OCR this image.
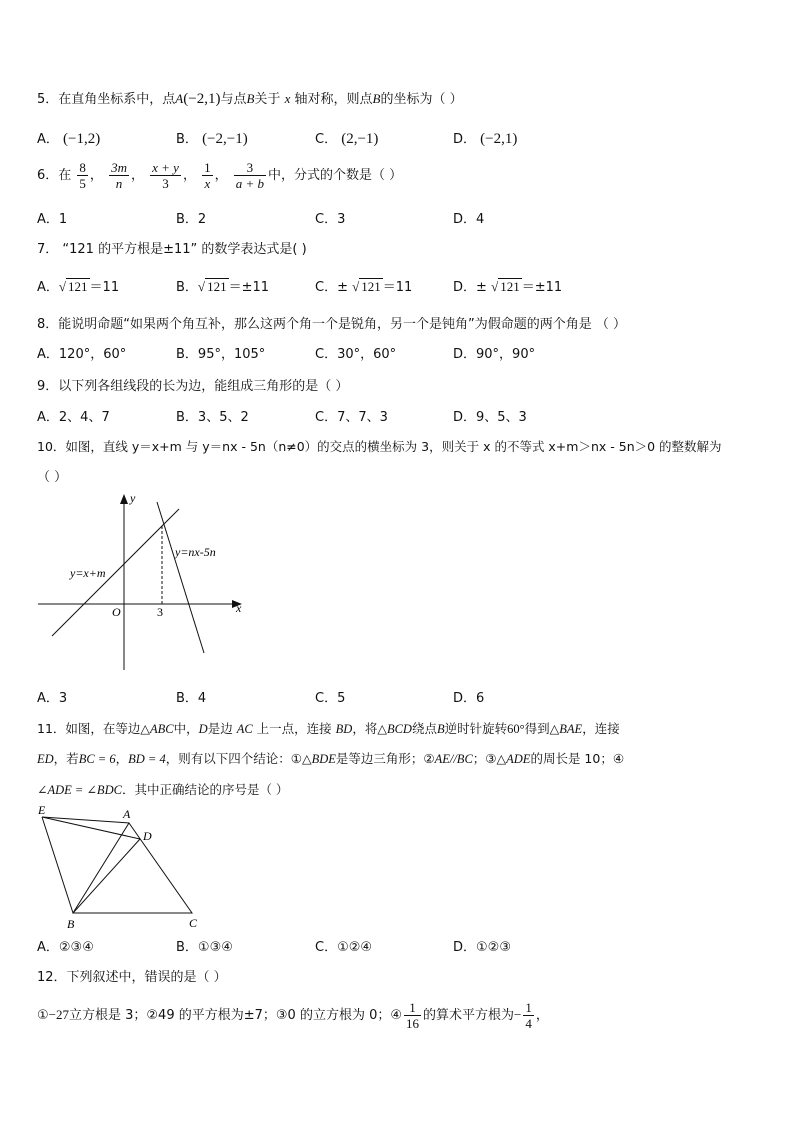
5．在直角坐标系中，点A(−2,1)与点B关于 x 轴对称，则点B的坐标为（ ）
A． (−1,2)	B． (−2,−1)	C． (2,−1)	D． (−2,1)
6．在 $\frac{8}{5}$ ， $\frac{3m}{n}$ ， $\frac{x + y}{3}$ ， $\frac{1}{x}$ ， $\frac{3}{a + b}$ 中，分式的个数是（ ）
A．1	B．2	C．3	D．4
7． “121 的平方根是±11” 的数学表达式是( )
A．√ 121 ＝11	B．√ 121 ＝±11	C．± √ 121 ＝11	D．± √ 121 ＝±11
8．能说明命题“如果两个角互补，那么这两个角一个是锐角，另一个是钝角”为假命题的两个角是 （ ）
A．120°，60°	B．95°，105°	C．30°，60°	D．90°，90°
9．以下列各组线段的长为边，能组成三角形的是（ ）
A．2、4、7	B．3、5、2	C．7、7、3	D．9、5、3
10．如图，直线 y＝x+m 与 y＝nx - 5n（n≠0）的交点的横坐标为 3，则关于 x 的不等式 x+m＞nx - 5n＞0 的整数解为
（ ）
y
x
O	3
y=x+m
y=nx-5n
A．3	B．4	C．5	D．6
11．如图，在等边△ABC中，D是边 AC 上一点，连接 BD，将△BCD绕点B逆时针旋转60°得到△BAE，连接
ED，若BC = 6，BD = 4，则有以下四个结论：①△BDE是等边三角形；②AE//BC；③△ADE的周长是 10；④
∠ADE = ∠BDC．其中正确结论的序号是（ ）
E	A
D
B	C
A．②③④	B．①③④	C．①②④	D．①②③
12．下列叙述中，错误的是（ ）
①−27立方根是 3；②49 的平方根为±7；③0 的立方根为 0；④ $\frac{1}{16}$ 的算术平方根为− $\frac{1}{4}$ ，
